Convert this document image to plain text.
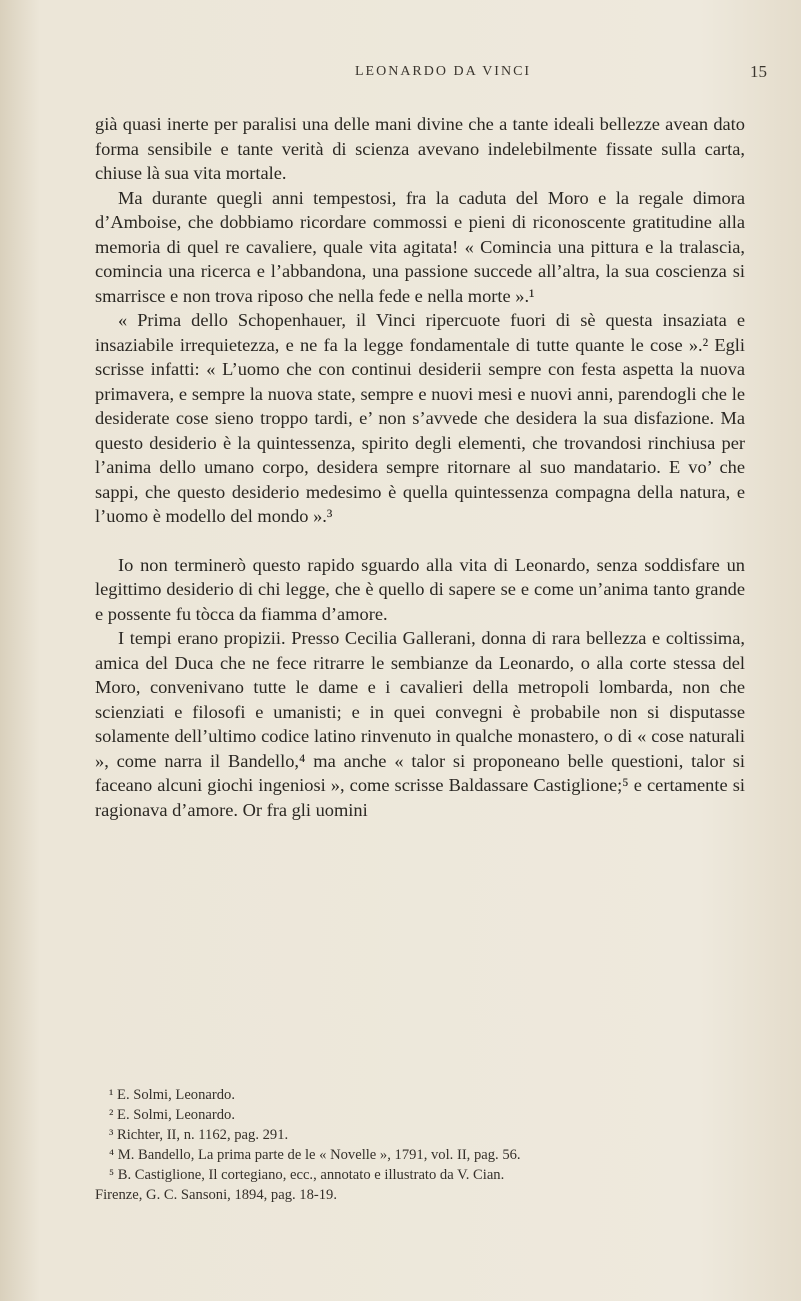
LEONARDO DA VINCI	15

già quasi inerte per paralisi una delle mani divine che a tante ideali bellezze avean dato forma sensibile e tante verità di scienza avevano indelebilmente fissate sulla carta, chiuse là sua vita mortale.

Ma durante quegli anni tempestosi, fra la caduta del Moro e la regale dimora d’Amboise, che dobbiamo ricordare commossi e pieni di riconoscente gratitudine alla memoria di quel re cavaliere, quale vita agitata! « Comincia una pittura e la tralascia, comincia una ricerca e l’abbandona, una passione succede all’altra, la sua coscienza si smarrisce e non trova riposo che nella fede e nella morte ».¹

« Prima dello Schopenhauer, il Vinci ripercuote fuori di sè questa insaziata e insaziabile irrequietezza, e ne fa la legge fondamentale di tutte quante le cose ».² Egli scrisse infatti: « L’uomo che con continui desiderii sempre con festa aspetta la nuova primavera, e sempre la nuova state, sempre e nuovi mesi e nuovi anni, parendogli che le desiderate cose sieno troppo tardi, e’ non s’avvede che desidera la sua disfazione. Ma questo desiderio è la quintessenza, spirito degli elementi, che trovandosi rinchiusa per l’anima dello umano corpo, desidera sempre ritornare al suo mandatario. E vo’ che sappi, che questo desiderio medesimo è quella quintessenza compagna della natura, e l’uomo è modello del mondo ».³

Io non terminerò questo rapido sguardo alla vita di Leonardo, senza soddisfare un legittimo desiderio di chi legge, che è quello di sapere se e come un’anima tanto grande e possente fu tòcca da fiamma d’amore.

I tempi erano propizii. Presso Cecilia Gallerani, donna di rara bellezza e coltissima, amica del Duca che ne fece ritrarre le sembianze da Leonardo, o alla corte stessa del Moro, convenivano tutte le dame e i cavalieri della metropoli lombarda, non che scienziati e filosofi e umanisti; e in quei convegni è probabile non si disputasse solamente dell’ultimo codice latino rinvenuto in qualche monastero, o di « cose naturali », come narra il Bandello,⁴ ma anche « talor si proponeano belle questioni, talor si faceano alcuni giochi ingeniosi », come scrisse Baldassare Castiglione;⁵ e certamente si ragionava d’amore. Or fra gli uomini

¹ E. Solmi, Leonardo.
² E. Solmi, Leonardo.
³ Richter, II, n. 1162, pag. 291.
⁴ M. Bandello, La prima parte de le « Novelle », 1791, vol. II, pag. 56.
⁵ B. Castiglione, Il cortegiano, ecc., annotato e illustrato da V. Cian.
Firenze, G. C. Sansoni, 1894, pag. 18-19.
